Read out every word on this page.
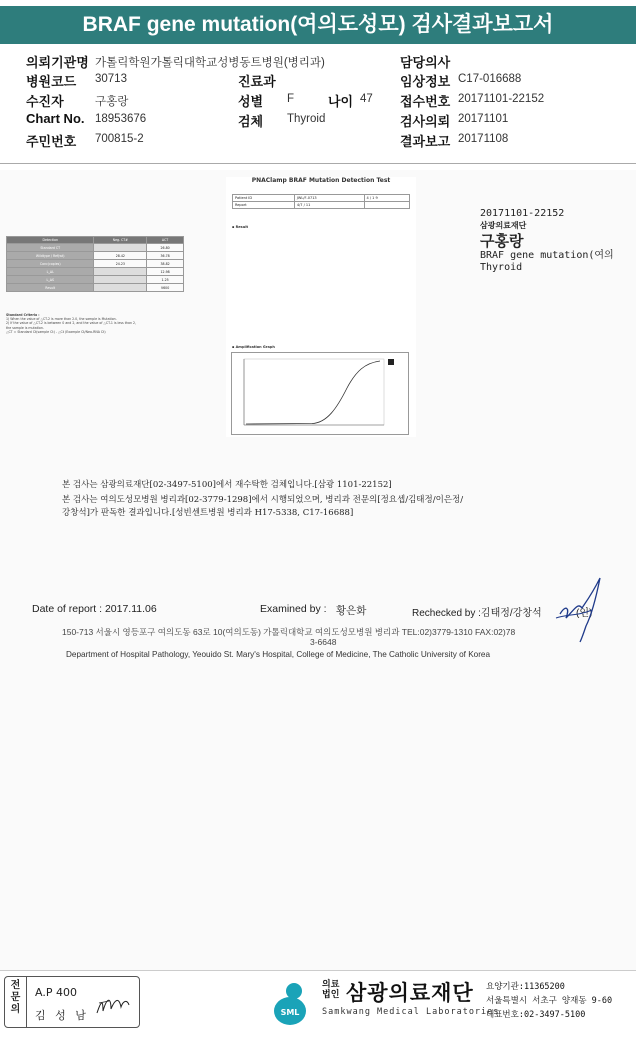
BRAF gene mutation(여의도성모) 검사결과보고서
의뢰기관명 가톨릭학원가톨릭대학교성병동트병원(병리과)	담당의사
병원코드 30713	진료과	임상정보 C17-016688
수진자	구홍랑	성별 F	나이 47 접수번호 20171101-22152
Chart No. 18953676	검체 Thyroid	검사의뢰 20171101
주민번호 700815-2	결과보고 20171108
PNAClamp BRAF Mutation Detection Test
Patient ID	JWL/F-0713	4 / 1 9
Report	4/7 / 11	
▪ Result
Detection	Neg. CT#	ΔCT
Standard CT		26.80
Wildtype / Ref(wt)	28.42	36.78
Conc(copies)	24.23	38.82
L_ΔL		12.98
L_ΔS		1.25
Result		V600
Standard Criteria :
1) When the value of △CT-2 is more than 2.0, the sample is Mutation.
2) If the value of △CT-2 is between 0 and 2, and the value of △CT-1 is less than 2,
the sample is mutation.
△CT = Standard Ct(sample Ct) - △Ct (Example Ct/Neo-RNA Ct)
▪ Amplification Graph
20171101-22152
삼광의료재단
구홍랑
BRAF gene mutation(여의
Thyroid
본 검사는 삼광의료재단[02-3497-5100]에서 재수탁한 검체입니다.[삼광 1101-22152]
본 검사는 여의도성모병원 병리과[02-3779-1298]에서 시행되었으며, 병리과 전문의[정요셉/김태정/이은정/
강창석]가 판독한 결과입니다.[성빈센트병원 병리과 H17-5338, C17-16688]
Date of report : 2017.11.06	Examined by : 황은화	Rechecked by :김태정/강창석	(인)
150-713 서울시 영등포구 여의도동 63로 10(여의도동) 가톨릭대학교 여의도성모병원 병리과 TEL:02)3779-1310 FAX:02)78
3-6648
Department of Hospital Pathology, Yeouido St. Mary's Hospital, College of Medicine, The Catholic University of Korea
전문의
A.P 400
김 성 남	SML
의료
법인 삼광의료재단
Samkwang Medical Laboratories
요양기관:11365200
서울특별시 서초구 양재동 9-60
대표번호:02-3497-5100
